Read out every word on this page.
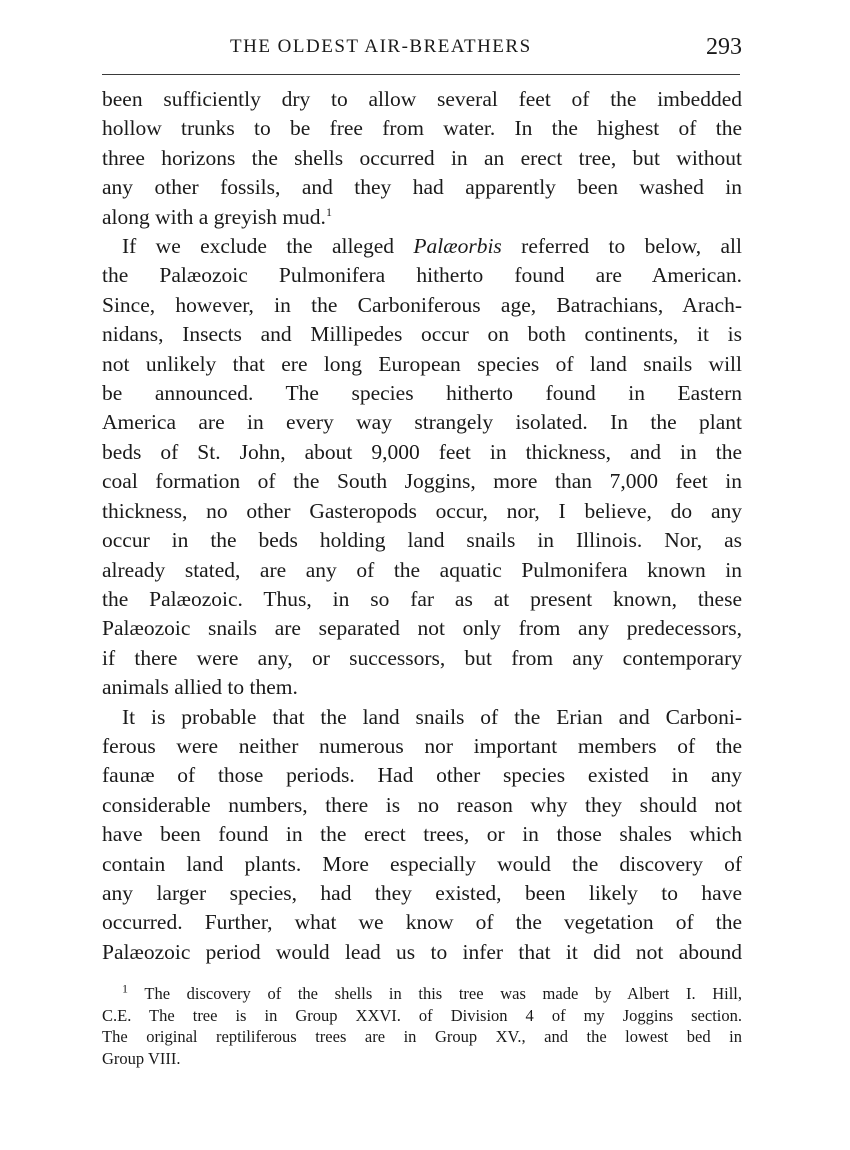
THE OLDEST AIR-BREATHERS	293
been sufficiently dry to allow several feet of the imbedded
hollow trunks to be free from water. In the highest of the
three horizons the shells occurred in an erect tree, but without
any other fossils, and they had apparently been washed in
along with a greyish mud.$^1$
If we exclude the alleged Palæorbis referred to below, all
the Palæozoic Pulmonifera hitherto found are American.
Since, however, in the Carboniferous age, Batrachians, Arach-
nidans, Insects and Millipedes occur on both continents, it is
not unlikely that ere long European species of land snails will
be announced. The species hitherto found in Eastern
America are in every way strangely isolated. In the plant
beds of St. John, about 9,000 feet in thickness, and in the
coal formation of the South Joggins, more than 7,000 feet in
thickness, no other Gasteropods occur, nor, I believe, do any
occur in the beds holding land snails in Illinois. Nor, as
already stated, are any of the aquatic Pulmonifera known in
the Palæozoic. Thus, in so far as at present known, these
Palæozoic snails are separated not only from any predecessors,
if there were any, or successors, but from any contemporary
animals allied to them.
It is probable that the land snails of the Erian and Carboni-
ferous were neither numerous nor important members of the
faunæ of those periods. Had other species existed in any
considerable numbers, there is no reason why they should not
have been found in the erect trees, or in those shales which
contain land plants. More especially would the discovery of
any larger species, had they existed, been likely to have
occurred. Further, what we know of the vegetation of the
Palæozoic period would lead us to infer that it did not abound
$^1$ The discovery of the shells in this tree was made by Albert I. Hill,
C.E. The tree is in Group XXVI. of Division 4 of my Joggins section.
The original reptiliferous trees are in Group XV., and the lowest bed in
Group VIII.
